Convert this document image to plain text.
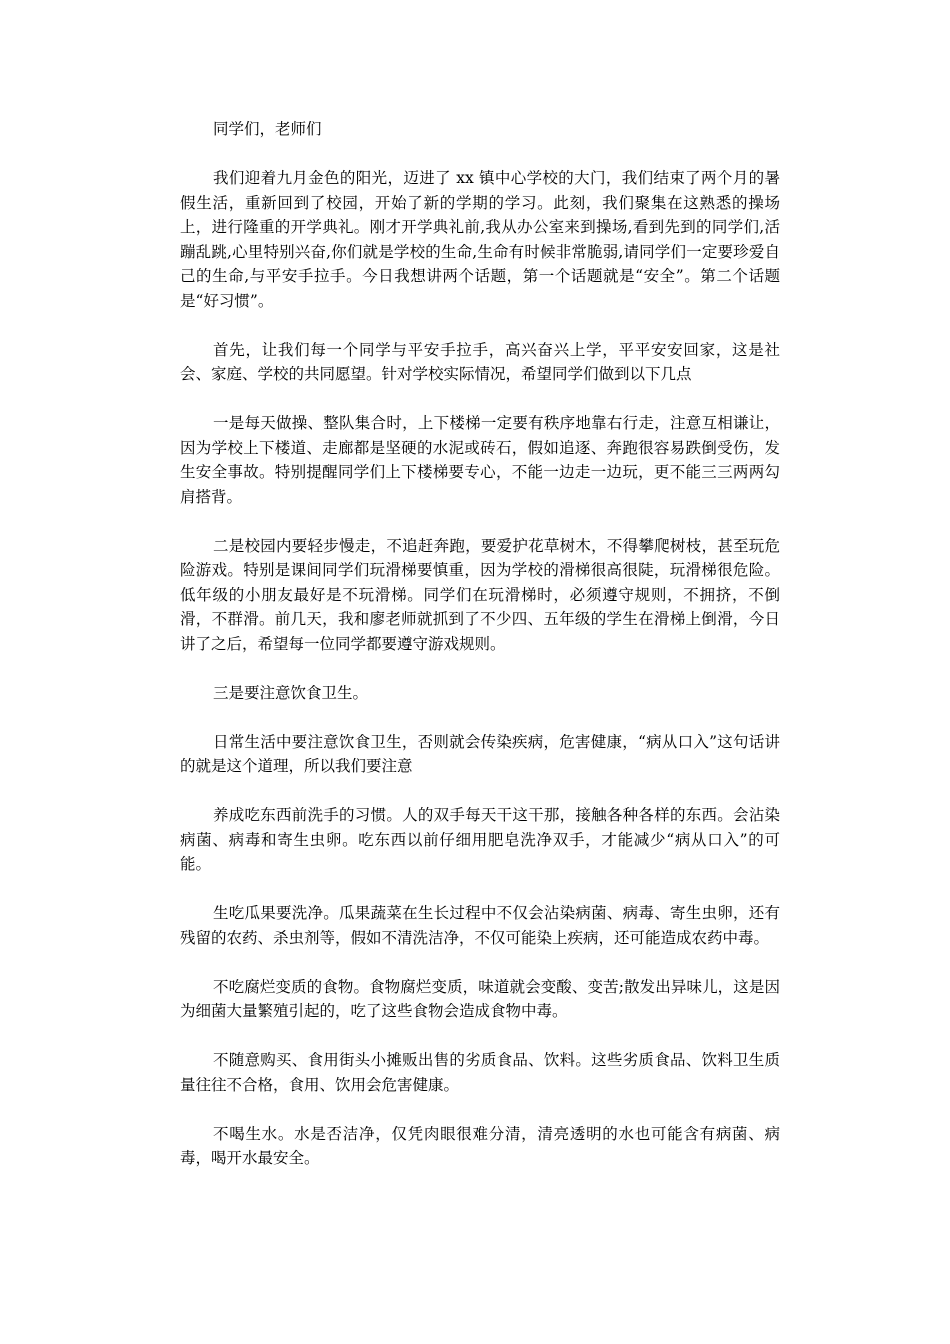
同学们，老师们

我们迎着九月金色的阳光，迈进了 xx 镇中心学校的大门，我们结束了两个月的暑假生活，重新回到了校园，开始了新的学期的学习。此刻，我们聚集在这熟悉的操场上，进行隆重的开学典礼。刚才开学典礼前,我从办公室来到操场,看到先到的同学们,活蹦乱跳,心里特别兴奋,你们就是学校的生命,生命有时候非常脆弱,请同学们一定要珍爱自己的生命,与平安手拉手。今日我想讲两个话题，第一个话题就是“安全”。第二个话题是“好习惯”。

首先，让我们每一个同学与平安手拉手，高兴奋兴上学，平平安安回家，这是社会、家庭、学校的共同愿望。针对学校实际情况，希望同学们做到以下几点

一是每天做操、整队集合时，上下楼梯一定要有秩序地靠右行走，注意互相谦让，因为学校上下楼道、走廊都是坚硬的水泥或砖石，假如追逐、奔跑很容易跌倒受伤，发生安全事故。特别提醒同学们上下楼梯要专心，不能一边走一边玩，更不能三三两两勾肩搭背。

二是校园内要轻步慢走，不追赶奔跑，要爱护花草树木，不得攀爬树枝，甚至玩危险游戏。特别是课间同学们玩滑梯要慎重，因为学校的滑梯很高很陡，玩滑梯很危险。低年级的小朋友最好是不玩滑梯。同学们在玩滑梯时，必须遵守规则，不拥挤，不倒滑，不群滑。前几天，我和廖老师就抓到了不少四、五年级的学生在滑梯上倒滑，今日讲了之后，希望每一位同学都要遵守游戏规则。

三是要注意饮食卫生。

日常生活中要注意饮食卫生，否则就会传染疾病，危害健康，“病从口入”这句话讲的就是这个道理，所以我们要注意

养成吃东西前洗手的习惯。人的双手每天干这干那，接触各种各样的东西。会沾染病菌、病毒和寄生虫卵。吃东西以前仔细用肥皂洗净双手，才能减少“病从口入”的可能。

生吃瓜果要洗净。瓜果蔬菜在生长过程中不仅会沾染病菌、病毒、寄生虫卵，还有残留的农药、杀虫剂等，假如不清洗洁净，不仅可能染上疾病，还可能造成农药中毒。

不吃腐烂变质的食物。食物腐烂变质，味道就会变酸、变苦;散发出异味儿，这是因为细菌大量繁殖引起的，吃了这些食物会造成食物中毒。

不随意购买、食用街头小摊贩出售的劣质食品、饮料。这些劣质食品、饮料卫生质量往往不合格，食用、饮用会危害健康。

不喝生水。水是否洁净，仅凭肉眼很难分清，清亮透明的水也可能含有病菌、病毒，喝开水最安全。
